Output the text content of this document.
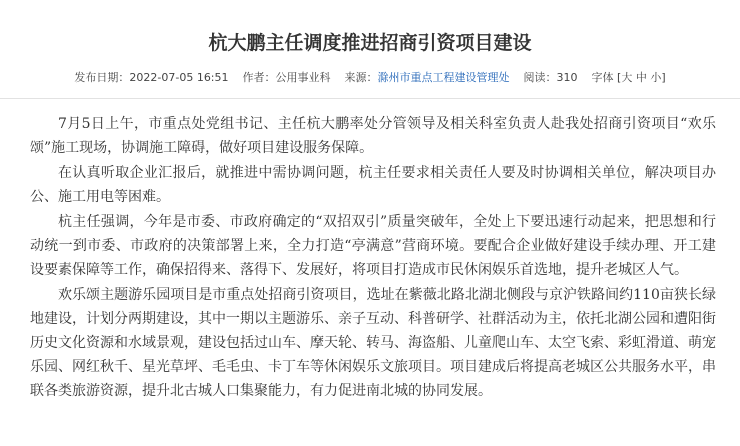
杭大鹏主任调度推进招商引资项目建设
发布日期：2022-07-05 16:51 作者：公用事业科 来源：滁州市重点工程建设管理处 阅读：310 字体 [大 中 小]

7月5日上午，市重点处党组书记、主任杭大鹏率处分管领导及相关科室负责人赴我处招商引资项目“欢乐颂”施工现场，协调施工障碍，做好项目建设服务保障。

在认真听取企业汇报后，就推进中需协调问题，杭主任要求相关责任人要及时协调相关单位，解决项目办公、施工用电等困难。

杭主任强调，今年是市委、市政府确定的“双招双引”质量突破年，全处上下要迅速行动起来，把思想和行动统一到市委、市政府的决策部署上来，全力打造“亭满意”营商环境。要配合企业做好建设手续办理、开工建设要素保障等工作，确保招得来、落得下、发展好，将项目打造成市民休闲娱乐首选地，提升老城区人气。

欢乐颂主题游乐园项目是市重点处招商引资项目，选址在紫薇北路北湖北侧段与京沪铁路间约110亩狭长绿地建设，计划分两期建设，其中一期以主题游乐、亲子互动、科普研学、社群活动为主，依托北湖公园和遭阳街历史文化资源和水域景观，建设包括过山车、摩天轮、转马、海盗船、儿童爬山车、太空飞索、彩虹滑道、萌宠乐园、网红秋千、星光草坪、毛毛虫、卡丁车等休闲娱乐文旅项目。项目建成后将提高老城区公共服务水平，串联各类旅游资源，提升北古城人口集聚能力，有力促进南北城的协同发展。
